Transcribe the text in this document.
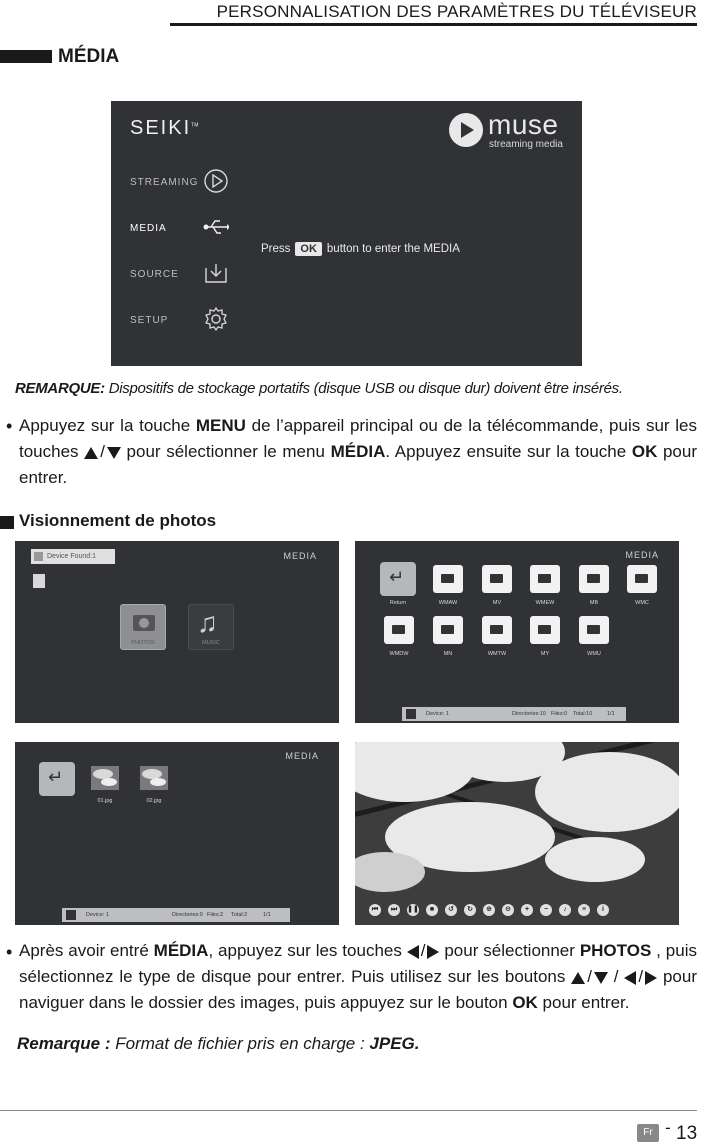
PERSONNALISATION DES PARAMÈTRES DU TÉLÉVISEUR
MÉDIA
SEIKI™	muse
streaming media
STREAMING
MEDIA
SOURCE
SETUP
Press OK button to enter the MEDIA
REMARQUE: Dispositifs de stockage portatifs (disque USB ou disque dur) doivent être insérés.
• Appuyez sur la touche MENU de l’appareil principal ou de la télécommande, puis sur les touches / pour sélectionner le menu MÉDIA. Appuyez ensuite sur la touche OK pour entrer.
Visionnement de photos
MEDIA
Device Found:1
PHOTOS
♫
MUSIC
MEDIA
↵
Return	WMAW	MV	WMEW	MB	WMC
WMDW	MN	WMTW	MY	WMU
Device: 1	Directories:10 Files:0 Total:10	1/1
MEDIA
↵
01.jpg	02.jpg
Device: 1	Directories:0 Files:2 Total:2	1/1
⏮	⏭	❚❚	■	↺	↻	⊕	⊖	+	−	♪	≡	i
• Après avoir entré MÉDIA, appuyez sur les touches / pour sélectionner PHOTOS , puis sélectionnez le type de disque pour entrer. Puis utilisez sur les boutons / / / pour naviguer dans le dossier des images, puis appuyez sur le bouton OK pour entrer.
Remarque : Format de fichier pris en charge : JPEG.
Fr - 13
